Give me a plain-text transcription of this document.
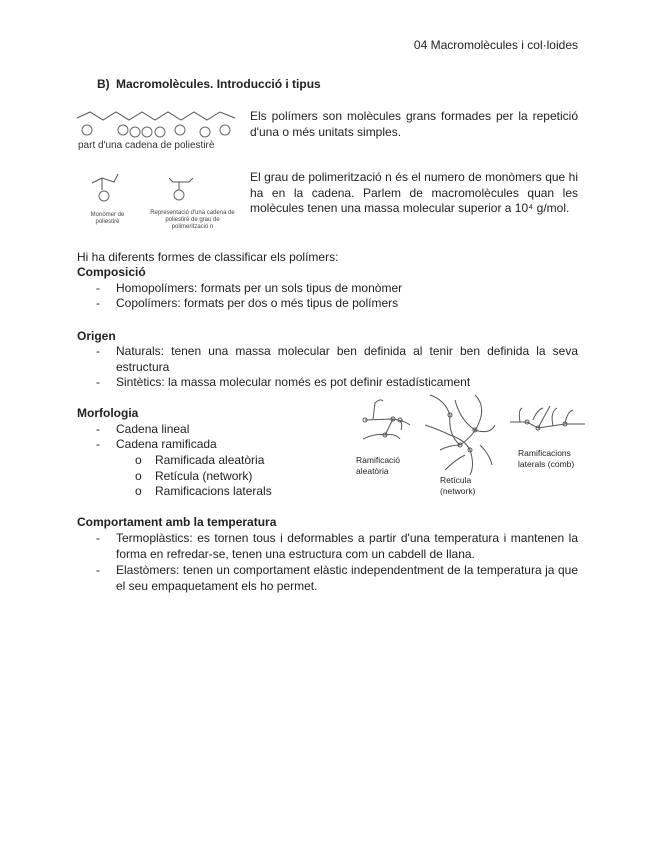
04 Macromolècules i col·loides
B) Macromolècules. Introducció i tipus
part d'una cadena de poliestirè
Monòmer de poliestirè
Representació d'una cadena de poliestirè de grau de polimerització n
Els polímers son molècules grans formades per la repetició d'una o més unitats simples.
El grau de polimerització n és el numero de monòmers que hi ha en la cadena. Parlem de macromolècules quan les molècules tenen una massa molecular superior a 10⁴ g/mol.
Hi ha diferents formes de classificar els polímers:
Composició
- Homopolímers: formats per un sols tipus de monòmer
- Copolímers: formats per dos o més tipus de polímers
Origen
- Naturals: tenen una massa molecular ben definida al tenir ben definida la seva estructura
- Sintètics: la massa molecular només es pot definir estadísticament
Morfologia
- Cadena lineal
- Cadena ramificada
o Ramificada aleatòria
o Retícula (network)
o Ramificacions laterals
Ramificació aleatòria
Retícula (network)
Ramificacions laterals (comb)
Comportament amb la temperatura
- Termoplàstics: es tornen tous i deformables a partir d'una temperatura i mantenen la forma en refredar-se, tenen una estructura com un cabdell de llana.
- Elastòmers: tenen un comportament elàstic independentment de la temperatura ja que el seu empaquetament els ho permet.
